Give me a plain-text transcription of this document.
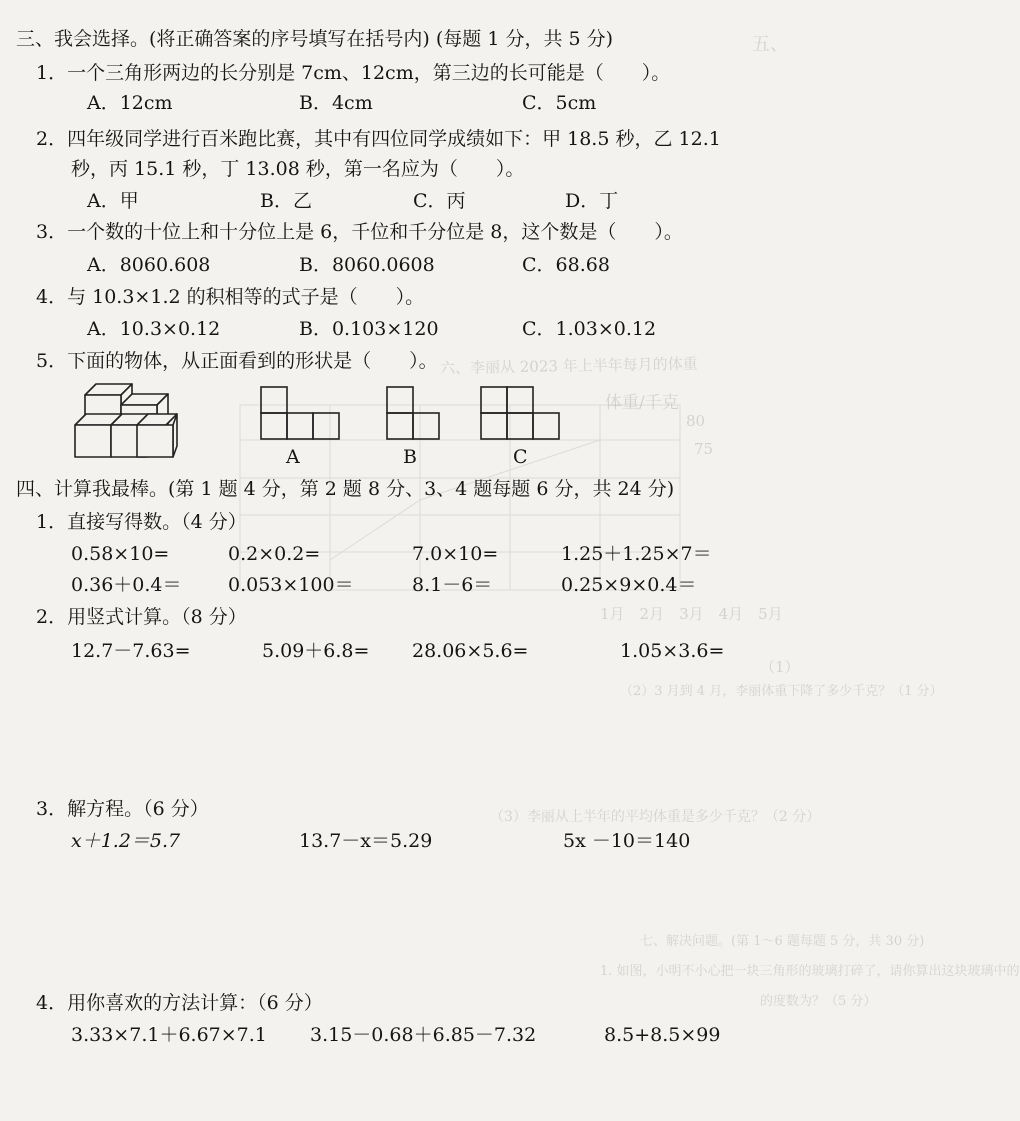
五、
六、李丽从 2023 年上半年每月的体重
体重/千克
80
75
1月　2月　3月　4月　5月
（1）
（2）3 月到 4 月，李丽体重下降了多少千克？（1 分）
（3）李丽从上半年的平均体重是多少千克？（2 分）
七、解决问题。(第 1～6 题每题 5 分，共 30 分)
1. 如图，小明不小心把一块三角形的玻璃打碎了，请你算出这块玻璃中的
的度数为？（5 分）
三、我会选择。(将正确答案的序号填写在括号内) (每题 1 分，共 5 分)
1．一个三角形两边的长分别是 7cm、12cm，第三边的长可能是（　　）。
A．12cm	B．4cm	C．5cm
2．四年级同学进行百米跑比赛，其中有四位同学成绩如下：甲 18.5 秒，乙 12.1
秒，丙 15.1 秒，丁 13.08 秒，第一名应为（　　）。
A．甲	B．乙	C．丙	D．丁
3．一个数的十位上和十分位上是 6，千位和千分位是 8，这个数是（　　）。
A．8060.608	B．8060.0608	C．68.68
4．与 10.3×1.2 的积相等的式子是（　　）。
A．10.3×0.12	B．0.103×120	C．1.03×0.12
5．下面的物体，从正面看到的形状是（　　）。
A	B	C
四、计算我最棒。(第 1 题 4 分，第 2 题 8 分、3、4 题每题 6 分，共 24 分)
1．直接写得数。（4 分）
0.58×10=	0.2×0.2=	7.0×10=	1.25＋1.25×7＝
0.36＋0.4＝ 0.053×100＝	8.1－6＝	0.25×9×0.4＝
2．用竖式计算。（8 分）
12.7－7.63=	5.09＋6.8= 28.06×5.6=	1.05×3.6=
3．解方程。（6 分）
x＋1.2＝5.7	13.7－x＝5.29	5x －10＝140
4．用你喜欢的方法计算：（6 分）
3.33×7.1＋6.67×7.1 3.15－0.68＋6.85－7.32	8.5+8.5×99
